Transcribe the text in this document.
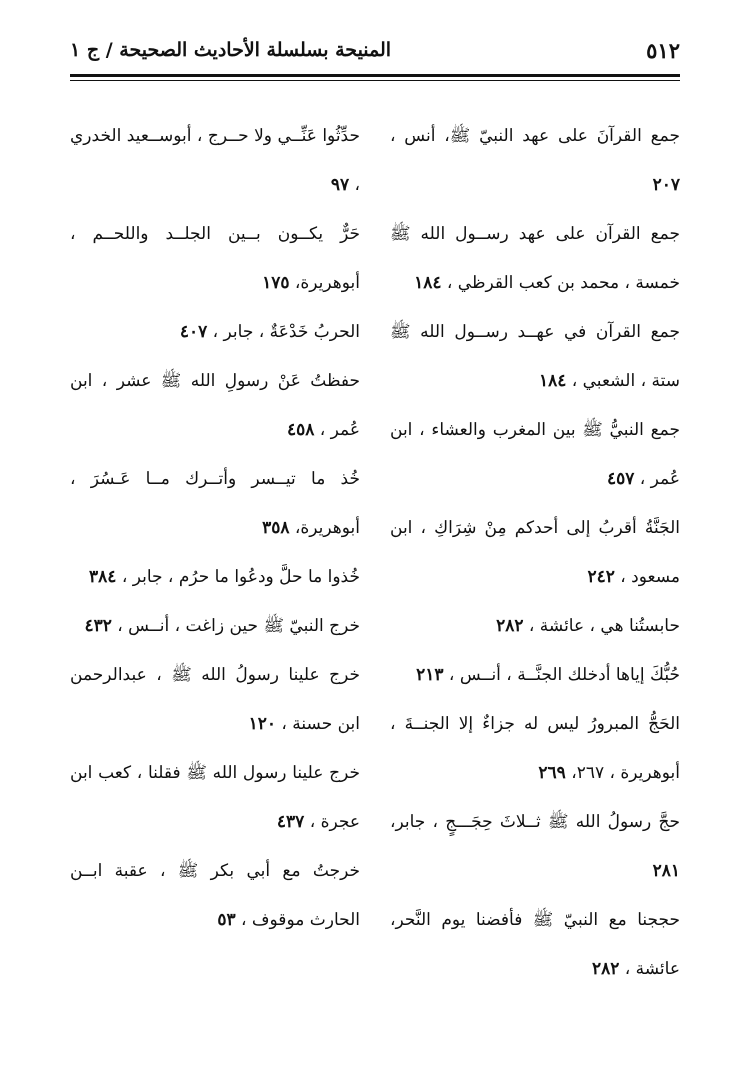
٥١٢
المنيحة بسلسلة الأحاديث الصحيحة / ج ١
جمع القرآنَ على عهد النبيّ ﷺ، أنس ، ٢٠٧
جمع القرآن على عهد رســول الله ﷺ خمسة ، محمد بن كعب القرظي ، ١٨٤
جمع القرآن في عهــد رســول الله ﷺ ستة ، الشعبي ، ١٨٤
جمع النبيُّ ﷺ بين المغرب والعشاء ، ابن عُمر ، ٤٥٧
الجَنَّةُ أقربُ إلى أحدكم مِنْ شِرَاكِ ، ابن مسعود ، ٢٤٢
حابستُنا هي ، عائشة ، ٢٨٢
حُبُّكَ إياها أدخلك الجنَّــة ، أنــس ، ٢١٣
الحَجُّ المبرورُ ليس له جزاءٌ إلا الجنــةَ ، أبوهريرة ، ٢٦٧، ٢٦٩
حجَّ رسولُ الله ﷺ ثــلاثَ حِجَـــجٍ ، جابر، ٢٨١
حججنا مع النبيّ ﷺ فأفضنا يوم النَّحر، عائشة ، ٢٨٢
حدِّثُوا عَنِّــي ولا حــرج ، أبوســعيد الخدري ، ٩٧
حَرٌّ يكــون بــين الجلــد واللحــم ، أبوهريرة، ١٧٥
الحربُ خَدْعَةٌ ، جابر ، ٤٠٧
حفظتُ عَنْ رسولِ الله ﷺ عشر ، ابن عُمر ، ٤٥٨
خُذ ما تيــسر وأتــرك مــا عَـسُرَ ، أبوهريرة، ٣٥٨
خُذوا ما حلَّ ودعُوا ما حرُم ، جابر ، ٣٨٤
خرج النبيّ ﷺ حين زاغت ، أنــس ، ٤٣٢
خرج علينا رسولُ الله ﷺ ، عبدالرحمن ابن حسنة ، ١٢٠
خرج علينا رسول الله ﷺ فقلنا ، كعب ابن عجرة ، ٤٣٧
خرجتُ مع أبي بكر ﷺ ، عقبة ابــن الحارث موقوف ، ٥٣
